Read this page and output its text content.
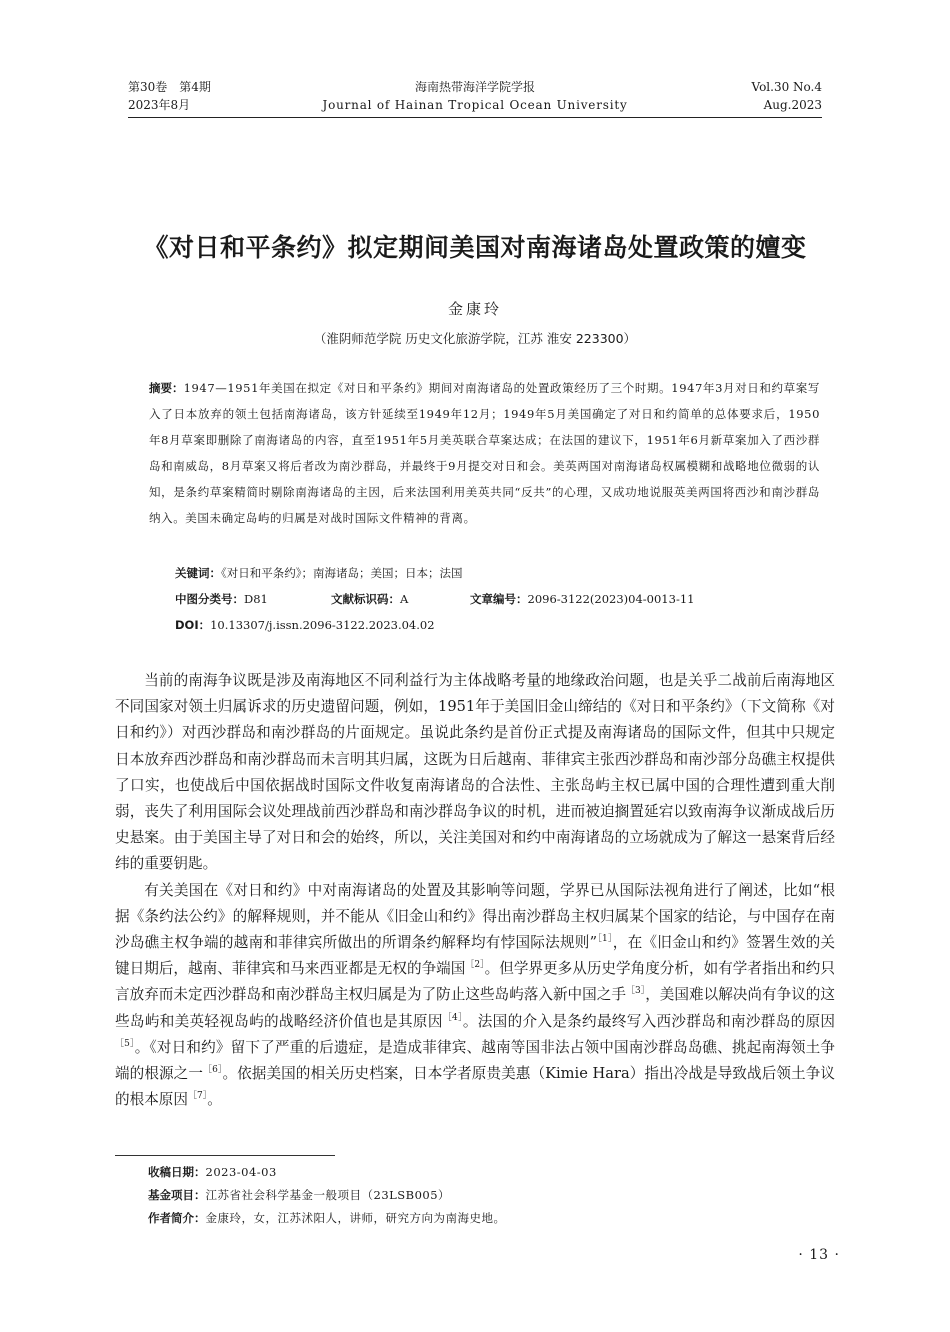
第30卷　第4期
2023年8月
海南热带海洋学院学报
Journal of Hainan Tropical Ocean University
Vol.30 No.4
Aug.2023
《对日和平条约》拟定期间美国对南海诸岛处置政策的嬗变
金康玲
（淮阴师范学院 历史文化旅游学院，江苏 淮安 223300）
摘要：1947—1951年美国在拟定《对日和平条约》期间对南海诸岛的处置政策经历了三个时期。1947年3月对日和约草案写入了日本放弃的领土包括南海诸岛，该方针延续至1949年12月；1949年5月美国确定了对日和约简单的总体要求后，1950年8月草案即删除了南海诸岛的内容，直至1951年5月美英联合草案达成；在法国的建议下，1951年6月新草案加入了西沙群岛和南威岛，8月草案又将后者改为南沙群岛，并最终于9月提交对日和会。美英两国对南海诸岛权属模糊和战略地位微弱的认知，是条约草案精简时剔除南海诸岛的主因，后来法国利用美英共同“反共”的心理，又成功地说服英美两国将西沙和南沙群岛纳入。美国未确定岛屿的归属是对战时国际文件精神的背离。
关键词：《对日和平条约》；南海诸岛；美国；日本；法国
中图分类号：D81	文献标识码：A	文章编号：2096-3122(2023)04-0013-11
DOI：10.13307/j.issn.2096-3122.2023.04.02

当前的南海争议既是涉及南海地区不同利益行为主体战略考量的地缘政治问题，也是关乎二战前后南海地区不同国家对领土归属诉求的历史遗留问题，例如，1951年于美国旧金山缔结的《对日和平条约》（下文简称《对日和约》）对西沙群岛和南沙群岛的片面规定。虽说此条约是首份正式提及南海诸岛的国际文件，但其中只规定日本放弃西沙群岛和南沙群岛而未言明其归属，这既为日后越南、菲律宾主张西沙群岛和南沙部分岛礁主权提供了口实，也使战后中国依据战时国际文件收复南海诸岛的合法性、主张岛屿主权已属中国的合理性遭到重大削弱，丧失了利用国际会议处理战前西沙群岛和南沙群岛争议的时机，进而被迫搁置延宕以致南海争议渐成战后历史悬案。由于美国主导了对日和会的始终，所以，关注美国对和约中南海诸岛的立场就成为了解这一悬案背后经纬的重要钥匙。

有关美国在《对日和约》中对南海诸岛的处置及其影响等问题，学界已从国际法视角进行了阐述，比如“根据《条约法公约》的解释规则，并不能从《旧金山和约》得出南沙群岛主权归属某个国家的结论，与中国存在南沙岛礁主权争端的越南和菲律宾所做出的所谓条约解释均有悖国际法规则”$^{[1]}$，在《旧金山和约》签署生效的关键日期后，越南、菲律宾和马来西亚都是无权的争端国$^{[2]}$。但学界更多从历史学角度分析，如有学者指出和约只言放弃而未定西沙群岛和南沙群岛主权归属是为了防止这些岛屿落入新中国之手$^{[3]}$，美国难以解决尚有争议的这些岛屿和美英轻视岛屿的战略经济价值也是其原因$^{[4]}$。法国的介入是条约最终写入西沙群岛和南沙群岛的原因$^{[5]}$。《对日和约》留下了严重的后遗症，是造成菲律宾、越南等国非法占领中国南沙群岛岛礁、挑起南海领土争端的根源之一$^{[6]}$。依据美国的相关历史档案，日本学者原贵美惠（Kimie Hara）指出冷战是导致战后领土争议的根本原因$^{[7]}$。

收稿日期：2023-04-03
基金项目：江苏省社会科学基金一般项目（23LSB005）
作者简介：金康玲，女，江苏沭阳人，讲师，研究方向为南海史地。
· 13 ·
